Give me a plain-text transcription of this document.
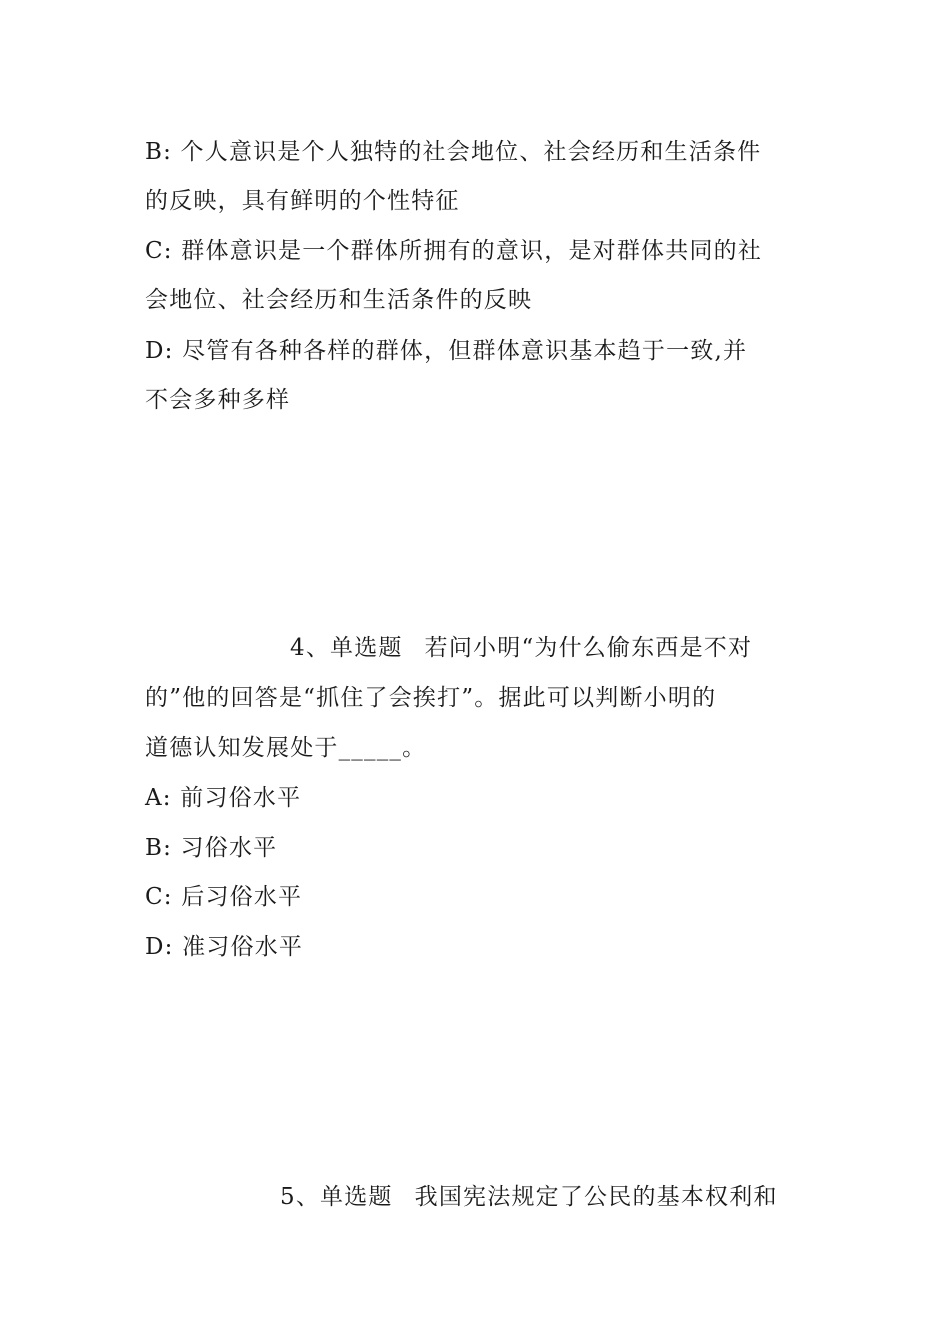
B: 个人意识是个人独特的社会地位、社会经历和生活条件
的反映，具有鲜明的个性特征
C: 群体意识是一个群体所拥有的意识，是对群体共同的社
会地位、社会经历和生活条件的反映
D: 尽管有各种各样的群体，但群体意识基本趋于一致,并
不会多种多样
4、单选题 若问小明“为什么偷东西是不对
的”他的回答是“抓住了会挨打”。据此可以判断小明的
道德认知发展处于_____。
A: 前习俗水平
B: 习俗水平
C: 后习俗水平
D: 准习俗水平
5、单选题 我国宪法规定了公民的基本权利和
